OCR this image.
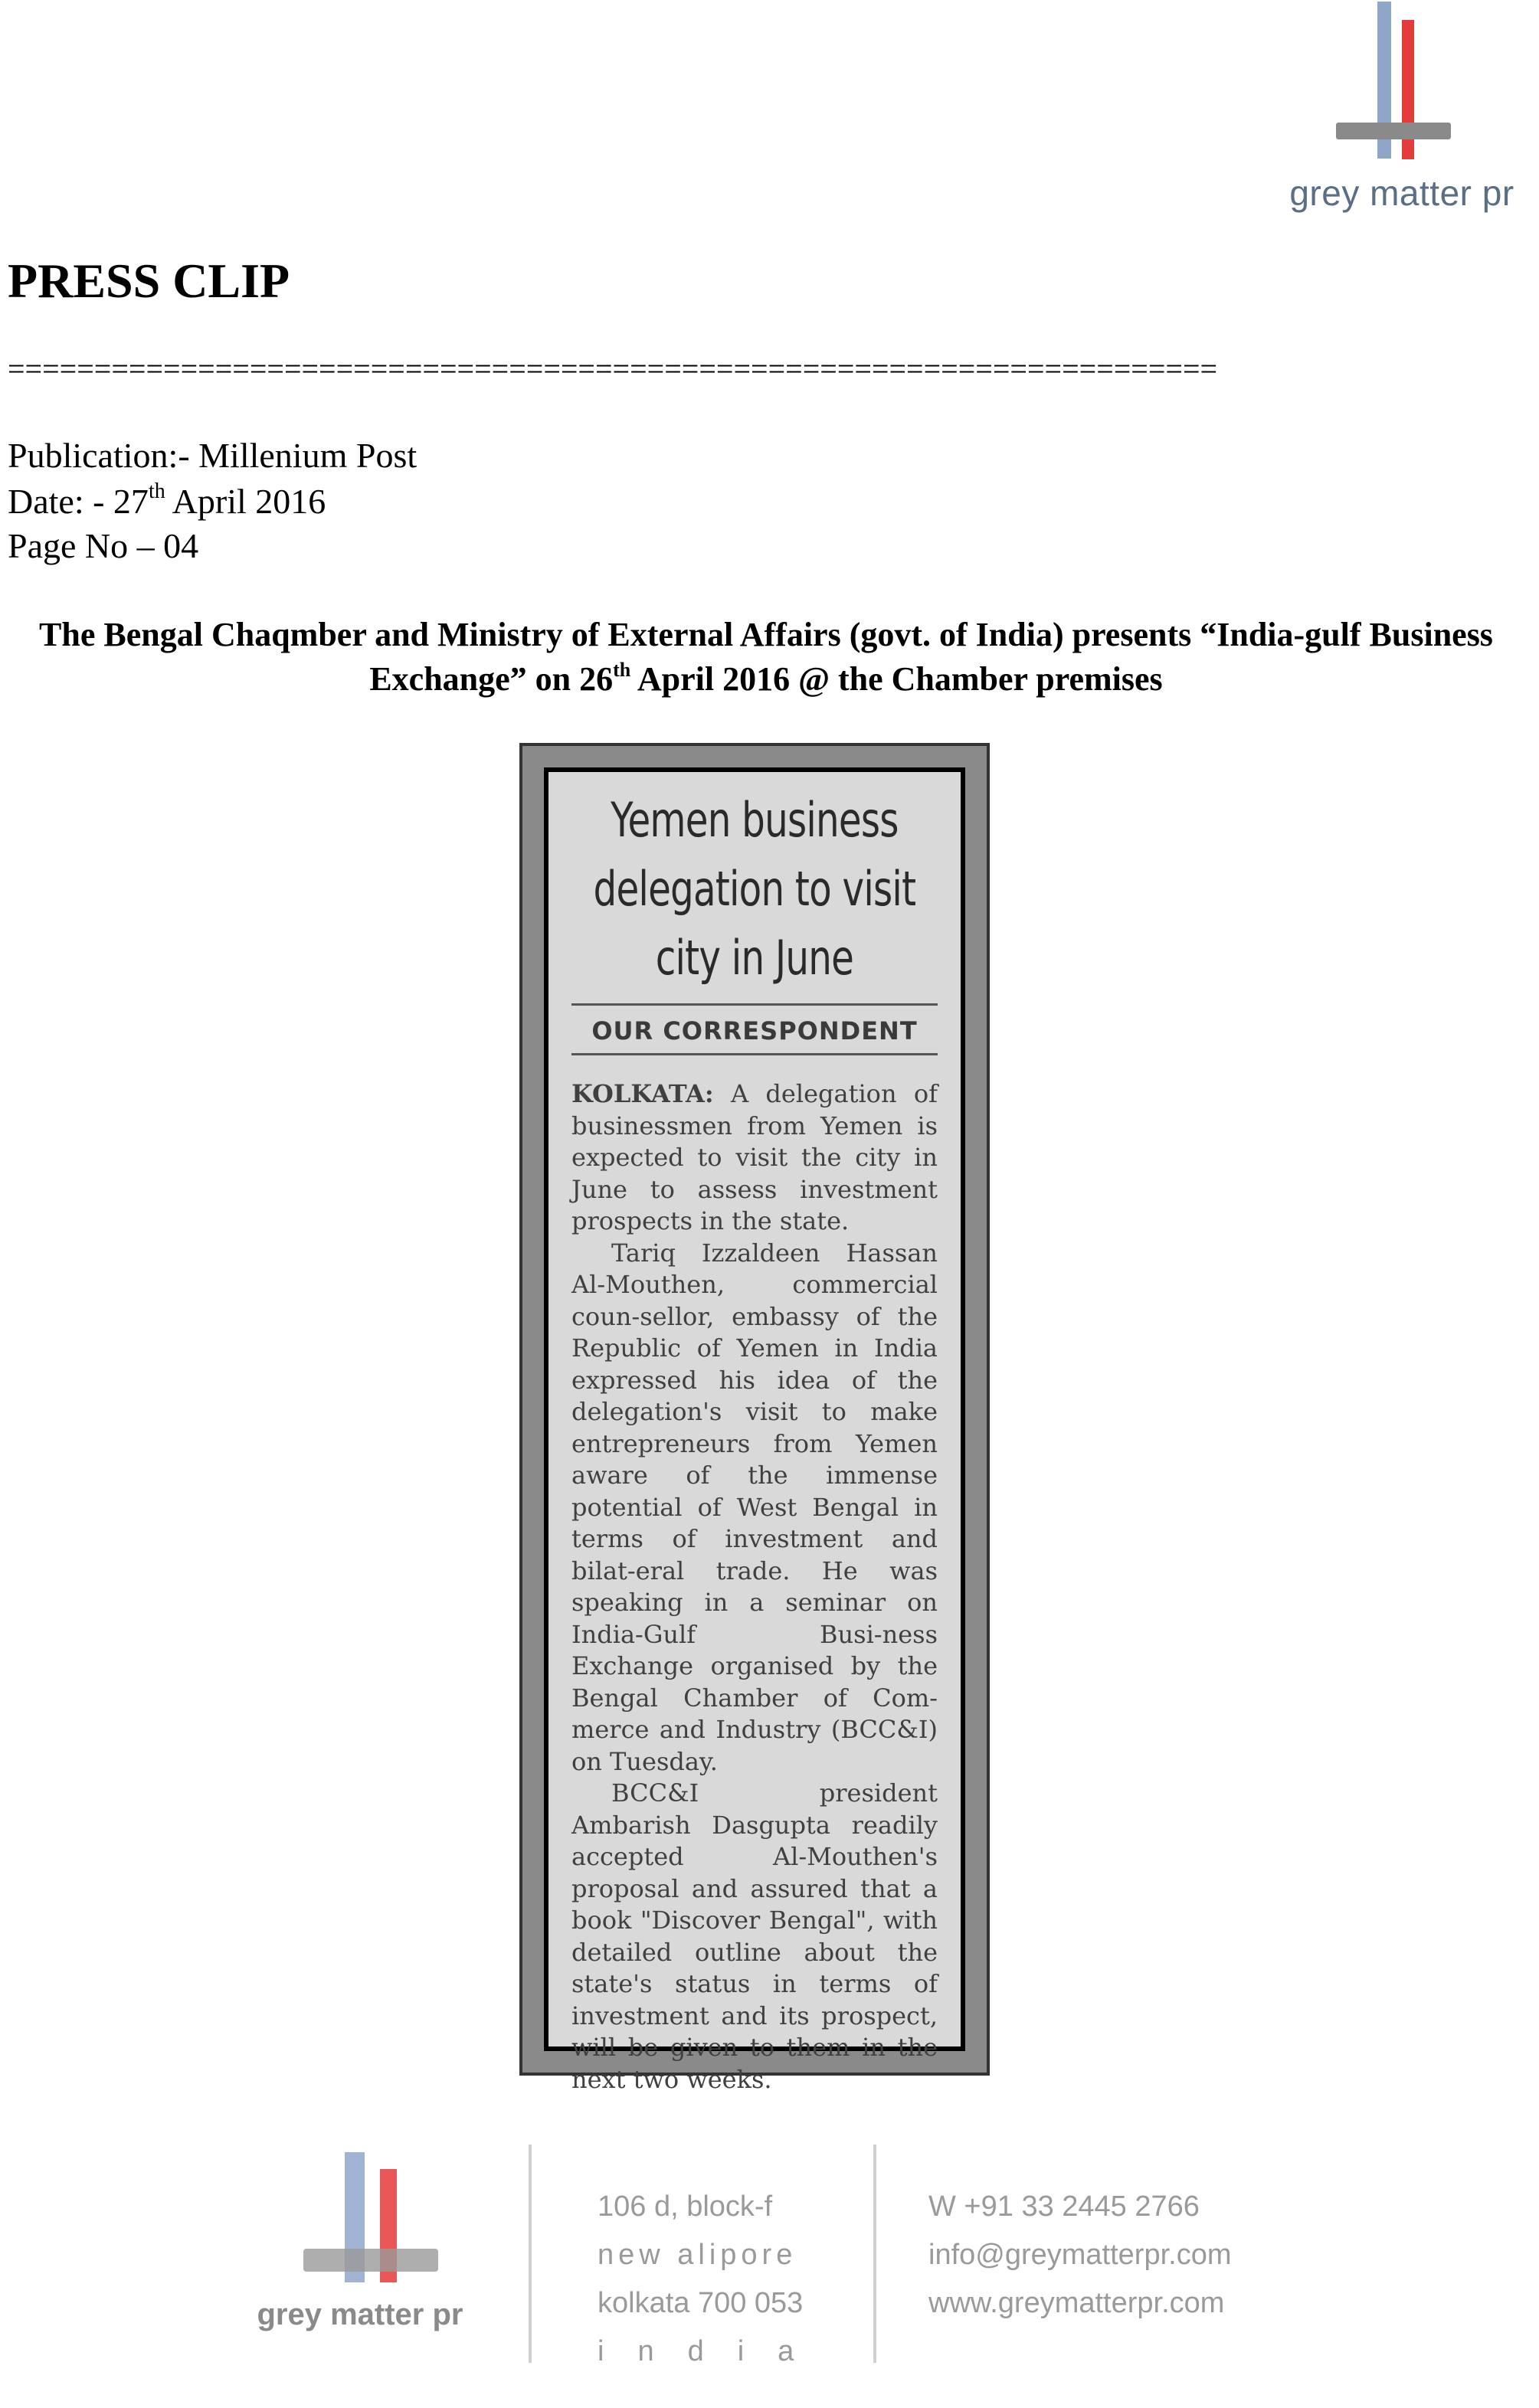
grey matter pr
PRESS CLIP
======================================================================
Publication:- Millenium Post
Date: - 27th April 2016
Page No – 04
The Bengal Chaqmber and Ministry of External Affairs (govt. of India) presents “India-gulf Business Exchange” on 26th April 2016 @ the Chamber premises
Yemen business
delegation to visit
city in June
OUR CORRESPONDENT

KOLKATA: A delegation of businessmen from Yemen is expected to visit the city in June to assess investment prospects in the state.

Tariq Izzaldeen Hassan Al-Mouthen, commercial coun-sellor, embassy of the Republic of Yemen in India expressed his idea of the delegation's visit to make entrepreneurs from Yemen aware of the immense potential of West Bengal in terms of investment and bilat-eral trade. He was speaking in a seminar on India-Gulf Busi-ness Exchange organised by the Bengal Chamber of Com-merce and Industry (BCC&I) on Tuesday.

BCC&I president Ambarish Dasgupta readily accepted Al-Mouthen's proposal and assured that a book "Discover Bengal", with detailed outline about the state's status in terms of investment and its prospect, will be given to them in the next two weeks.

grey matter pr
106 d, block-f
new alipore
kolkata 700 053
india
W +91 33 2445 2766
info@greymatterpr.com
www.greymatterpr.com
